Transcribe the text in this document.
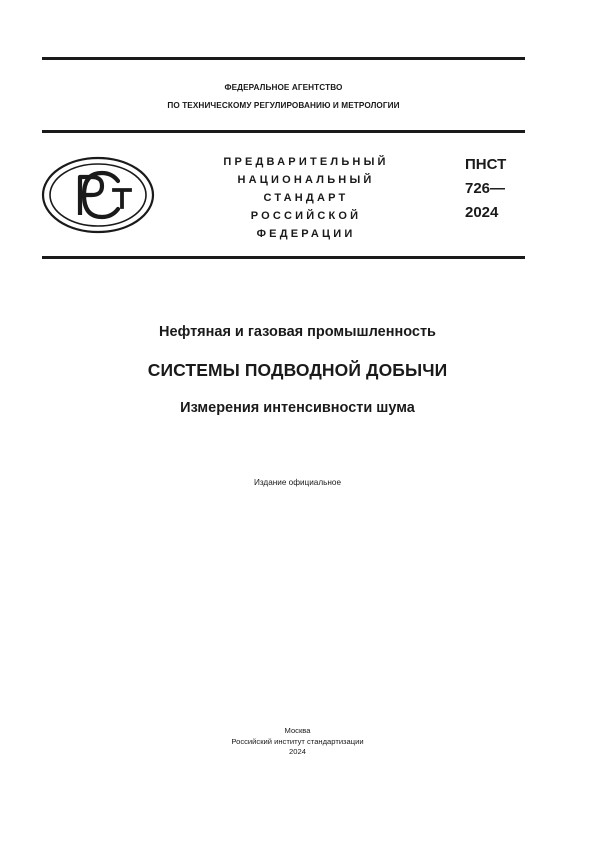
ФЕДЕРАЛЬНОЕ АГЕНТСТВО
ПО ТЕХНИЧЕСКОМУ РЕГУЛИРОВАНИЮ И МЕТРОЛОГИИ
ПРЕДВАРИТЕЛЬНЫЙ
НАЦИОНАЛЬНЫЙ
СТАНДАРТ
РОССИЙСКОЙ
ФЕДЕРАЦИИ
ПНСТ
726—
2024
Нефтяная и газовая промышленность
СИСТЕМЫ ПОДВОДНОЙ ДОБЫЧИ
Измерения интенсивности шума
Издание официальное
Москва
Российский институт стандартизации
2024
